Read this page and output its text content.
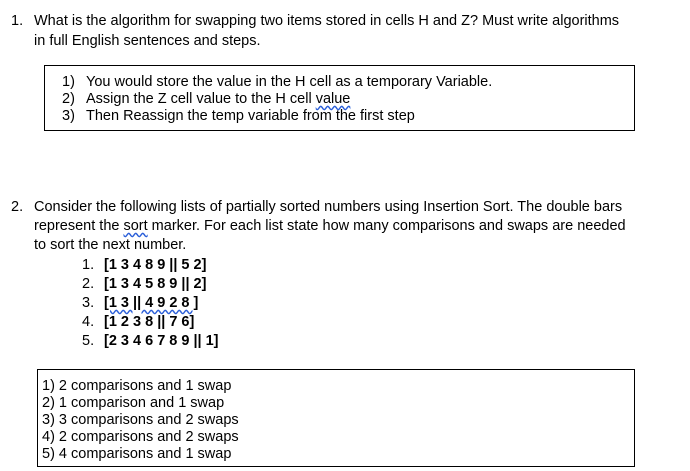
1. What is the algorithm for swapping two items stored in cells H and Z? Must write algorithms
in full English sentences and steps.
1) You would store the value in the H cell as a temporary Variable.
2) Assign the Z cell value to the H cell value
3) Then Reassign the temp variable from the first step
2. Consider the following lists of partially sorted numbers using Insertion Sort. The double bars
represent the sort marker. For each list state how many comparisons and swaps are needed
to sort the next number.
1. [1 3 4 8 9 || 5 2]
2. [1 3 4 5 8 9 || 2]
3. [1 3 || 4 9 2 8 ]
4. [1 2 3 8 || 7 6]
5. [2 3 4 6 7 8 9 || 1]
1) 2 comparisons and 1 swap
2) 1 comparison and 1 swap
3) 3 comparisons and 2 swaps
4) 2 comparisons and 2 swaps
5) 4 comparisons and 1 swap
